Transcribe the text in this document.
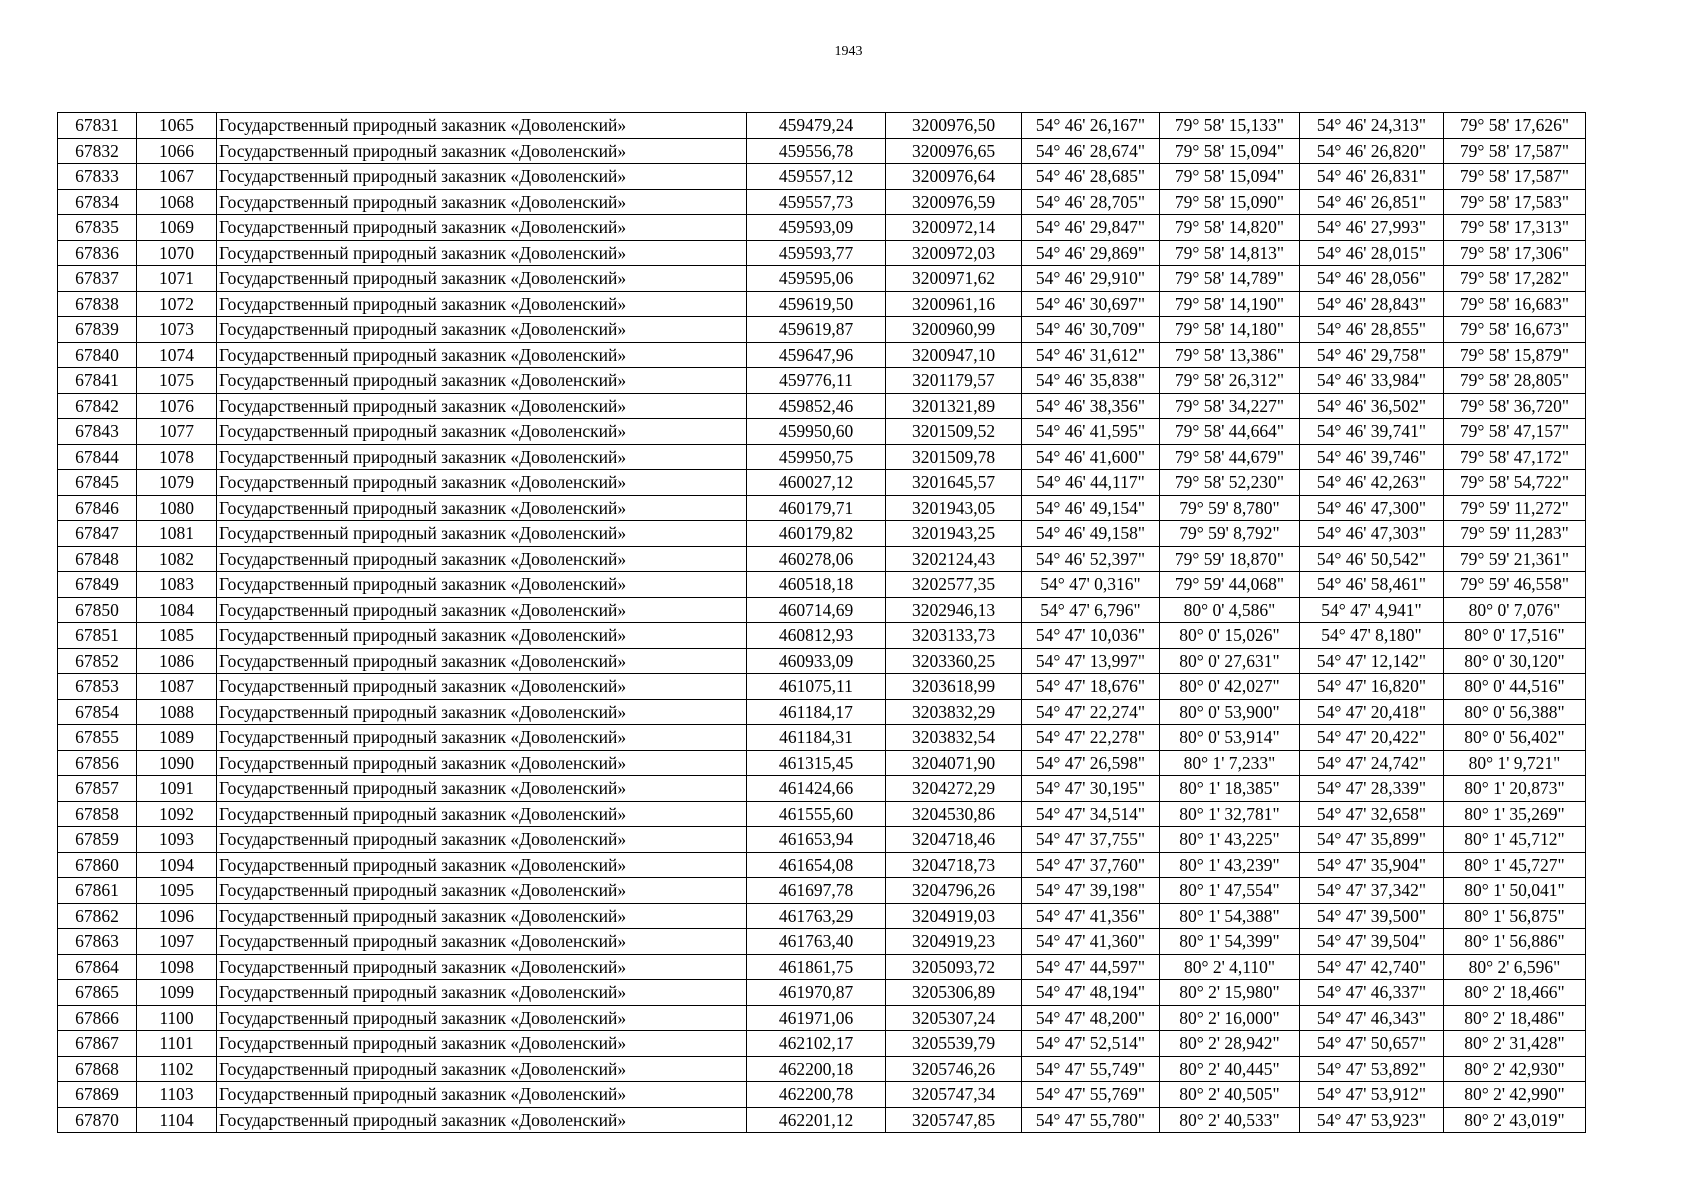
1943
67831	1065	Государственный природный заказник «Доволенский»	459479,24	3200976,50	54° 46' 26,167"	79° 58' 15,133"	54° 46' 24,313"	79° 58' 17,626"
67832	1066	Государственный природный заказник «Доволенский»	459556,78	3200976,65	54° 46' 28,674"	79° 58' 15,094"	54° 46' 26,820"	79° 58' 17,587"
67833	1067	Государственный природный заказник «Доволенский»	459557,12	3200976,64	54° 46' 28,685"	79° 58' 15,094"	54° 46' 26,831"	79° 58' 17,587"
67834	1068	Государственный природный заказник «Доволенский»	459557,73	3200976,59	54° 46' 28,705"	79° 58' 15,090"	54° 46' 26,851"	79° 58' 17,583"
67835	1069	Государственный природный заказник «Доволенский»	459593,09	3200972,14	54° 46' 29,847"	79° 58' 14,820"	54° 46' 27,993"	79° 58' 17,313"
67836	1070	Государственный природный заказник «Доволенский»	459593,77	3200972,03	54° 46' 29,869"	79° 58' 14,813"	54° 46' 28,015"	79° 58' 17,306"
67837	1071	Государственный природный заказник «Доволенский»	459595,06	3200971,62	54° 46' 29,910"	79° 58' 14,789"	54° 46' 28,056"	79° 58' 17,282"
67838	1072	Государственный природный заказник «Доволенский»	459619,50	3200961,16	54° 46' 30,697"	79° 58' 14,190"	54° 46' 28,843"	79° 58' 16,683"
67839	1073	Государственный природный заказник «Доволенский»	459619,87	3200960,99	54° 46' 30,709"	79° 58' 14,180"	54° 46' 28,855"	79° 58' 16,673"
67840	1074	Государственный природный заказник «Доволенский»	459647,96	3200947,10	54° 46' 31,612"	79° 58' 13,386"	54° 46' 29,758"	79° 58' 15,879"
67841	1075	Государственный природный заказник «Доволенский»	459776,11	3201179,57	54° 46' 35,838"	79° 58' 26,312"	54° 46' 33,984"	79° 58' 28,805"
67842	1076	Государственный природный заказник «Доволенский»	459852,46	3201321,89	54° 46' 38,356"	79° 58' 34,227"	54° 46' 36,502"	79° 58' 36,720"
67843	1077	Государственный природный заказник «Доволенский»	459950,60	3201509,52	54° 46' 41,595"	79° 58' 44,664"	54° 46' 39,741"	79° 58' 47,157"
67844	1078	Государственный природный заказник «Доволенский»	459950,75	3201509,78	54° 46' 41,600"	79° 58' 44,679"	54° 46' 39,746"	79° 58' 47,172"
67845	1079	Государственный природный заказник «Доволенский»	460027,12	3201645,57	54° 46' 44,117"	79° 58' 52,230"	54° 46' 42,263"	79° 58' 54,722"
67846	1080	Государственный природный заказник «Доволенский»	460179,71	3201943,05	54° 46' 49,154"	79° 59' 8,780"	54° 46' 47,300"	79° 59' 11,272"
67847	1081	Государственный природный заказник «Доволенский»	460179,82	3201943,25	54° 46' 49,158"	79° 59' 8,792"	54° 46' 47,303"	79° 59' 11,283"
67848	1082	Государственный природный заказник «Доволенский»	460278,06	3202124,43	54° 46' 52,397"	79° 59' 18,870"	54° 46' 50,542"	79° 59' 21,361"
67849	1083	Государственный природный заказник «Доволенский»	460518,18	3202577,35	54° 47' 0,316"	79° 59' 44,068"	54° 46' 58,461"	79° 59' 46,558"
67850	1084	Государственный природный заказник «Доволенский»	460714,69	3202946,13	54° 47' 6,796"	80° 0' 4,586"	54° 47' 4,941"	80° 0' 7,076"
67851	1085	Государственный природный заказник «Доволенский»	460812,93	3203133,73	54° 47' 10,036"	80° 0' 15,026"	54° 47' 8,180"	80° 0' 17,516"
67852	1086	Государственный природный заказник «Доволенский»	460933,09	3203360,25	54° 47' 13,997"	80° 0' 27,631"	54° 47' 12,142"	80° 0' 30,120"
67853	1087	Государственный природный заказник «Доволенский»	461075,11	3203618,99	54° 47' 18,676"	80° 0' 42,027"	54° 47' 16,820"	80° 0' 44,516"
67854	1088	Государственный природный заказник «Доволенский»	461184,17	3203832,29	54° 47' 22,274"	80° 0' 53,900"	54° 47' 20,418"	80° 0' 56,388"
67855	1089	Государственный природный заказник «Доволенский»	461184,31	3203832,54	54° 47' 22,278"	80° 0' 53,914"	54° 47' 20,422"	80° 0' 56,402"
67856	1090	Государственный природный заказник «Доволенский»	461315,45	3204071,90	54° 47' 26,598"	80° 1' 7,233"	54° 47' 24,742"	80° 1' 9,721"
67857	1091	Государственный природный заказник «Доволенский»	461424,66	3204272,29	54° 47' 30,195"	80° 1' 18,385"	54° 47' 28,339"	80° 1' 20,873"
67858	1092	Государственный природный заказник «Доволенский»	461555,60	3204530,86	54° 47' 34,514"	80° 1' 32,781"	54° 47' 32,658"	80° 1' 35,269"
67859	1093	Государственный природный заказник «Доволенский»	461653,94	3204718,46	54° 47' 37,755"	80° 1' 43,225"	54° 47' 35,899"	80° 1' 45,712"
67860	1094	Государственный природный заказник «Доволенский»	461654,08	3204718,73	54° 47' 37,760"	80° 1' 43,239"	54° 47' 35,904"	80° 1' 45,727"
67861	1095	Государственный природный заказник «Доволенский»	461697,78	3204796,26	54° 47' 39,198"	80° 1' 47,554"	54° 47' 37,342"	80° 1' 50,041"
67862	1096	Государственный природный заказник «Доволенский»	461763,29	3204919,03	54° 47' 41,356"	80° 1' 54,388"	54° 47' 39,500"	80° 1' 56,875"
67863	1097	Государственный природный заказник «Доволенский»	461763,40	3204919,23	54° 47' 41,360"	80° 1' 54,399"	54° 47' 39,504"	80° 1' 56,886"
67864	1098	Государственный природный заказник «Доволенский»	461861,75	3205093,72	54° 47' 44,597"	80° 2' 4,110"	54° 47' 42,740"	80° 2' 6,596"
67865	1099	Государственный природный заказник «Доволенский»	461970,87	3205306,89	54° 47' 48,194"	80° 2' 15,980"	54° 47' 46,337"	80° 2' 18,466"
67866	1100	Государственный природный заказник «Доволенский»	461971,06	3205307,24	54° 47' 48,200"	80° 2' 16,000"	54° 47' 46,343"	80° 2' 18,486"
67867	1101	Государственный природный заказник «Доволенский»	462102,17	3205539,79	54° 47' 52,514"	80° 2' 28,942"	54° 47' 50,657"	80° 2' 31,428"
67868	1102	Государственный природный заказник «Доволенский»	462200,18	3205746,26	54° 47' 55,749"	80° 2' 40,445"	54° 47' 53,892"	80° 2' 42,930"
67869	1103	Государственный природный заказник «Доволенский»	462200,78	3205747,34	54° 47' 55,769"	80° 2' 40,505"	54° 47' 53,912"	80° 2' 42,990"
67870	1104	Государственный природный заказник «Доволенский»	462201,12	3205747,85	54° 47' 55,780"	80° 2' 40,533"	54° 47' 53,923"	80° 2' 43,019"
